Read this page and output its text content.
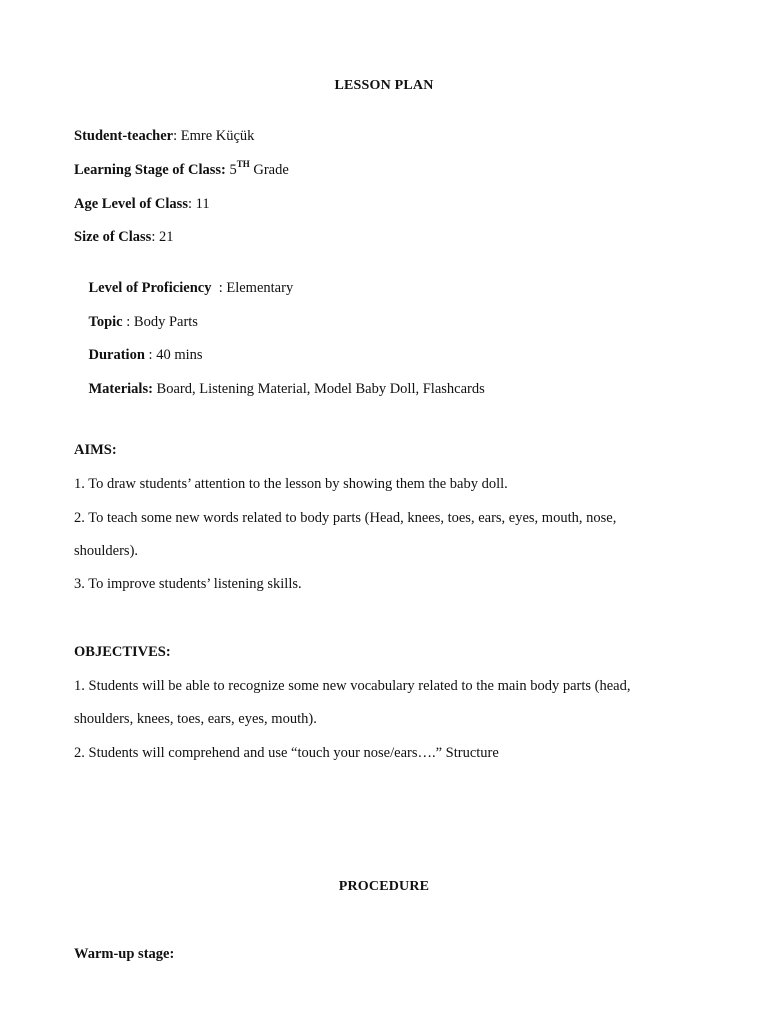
LESSON PLAN
Student-teacher: Emre Küçük
Learning Stage of Class: 5TH Grade
Age Level of Class: 11
Size of Class: 21

Level of Proficiency  : Elementary

Topic : Body Parts

Duration : 40 mins

Materials: Board, Listening Material, Model Baby Doll, Flashcards

AIMS:
1. To draw students’ attention to the lesson by showing them the baby doll.
2. To teach some new words related to body parts (Head, knees, toes, ears, eyes, mouth, nose,
shoulders).
3. To improve students’ listening skills.
OBJECTIVES:
1. Students will be able to recognize some new vocabulary related to the main body parts (head,
shoulders, knees, toes, ears, eyes, mouth).
2. Students will comprehend and use “touch your nose/ears….” Structure
PROCEDURE
Warm-up stage:
